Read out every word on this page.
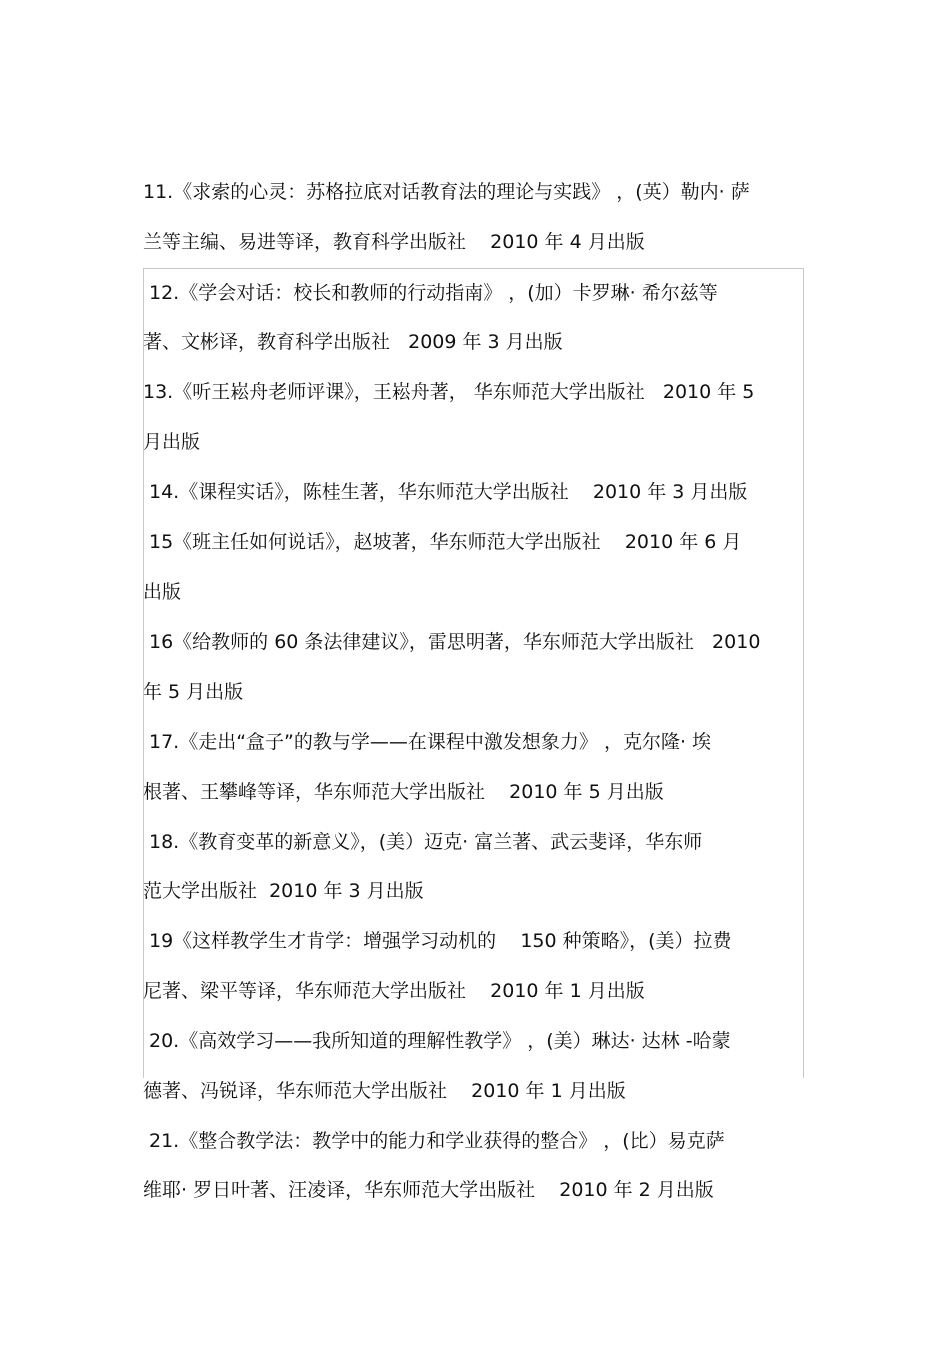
11.《求索的心灵：苏格拉底对话教育法的理论与实践》 ，(英）勒内· 萨
兰等主编、易进等译，教育科学出版社    2010 年 4 月出版
12.《学会对话：校长和教师的行动指南》 ，(加）卡罗琳· 希尔兹等
著、文彬译，教育科学出版社   2009 年 3 月出版
13.《听王崧舟老师评课》，王崧舟著， 华东师范大学出版社   2010 年 5
月出版
14.《课程实话》，陈桂生著，华东师范大学出版社    2010 年 3 月出版
15《班主任如何说话》，赵坡著，华东师范大学出版社    2010 年 6 月
出版
16《给教师的 60 条法律建议》，雷思明著，华东师范大学出版社   2010
年 5 月出版
17.《走出“盒子”的教与学——在课程中激发想象力》 ，克尔隆· 埃
根著、王攀峰等译，华东师范大学出版社    2010 年 5 月出版
18.《教育变革的新意义》，(美）迈克· 富兰著、武云斐译，华东师
范大学出版社  2010 年 3 月出版
19《这样教学生才肯学：增强学习动机的    150 种策略》，(美）拉费
尼著、梁平等译，华东师范大学出版社    2010 年 1 月出版
20.《高效学习——我所知道的理解性教学》 ，(美）琳达· 达林 -哈蒙
德著、冯锐译，华东师范大学出版社    2010 年 1 月出版
21.《整合教学法：教学中的能力和学业获得的整合》 ，(比）易克萨
维耶· 罗日叶著、汪凌译，华东师范大学出版社    2010 年 2 月出版
